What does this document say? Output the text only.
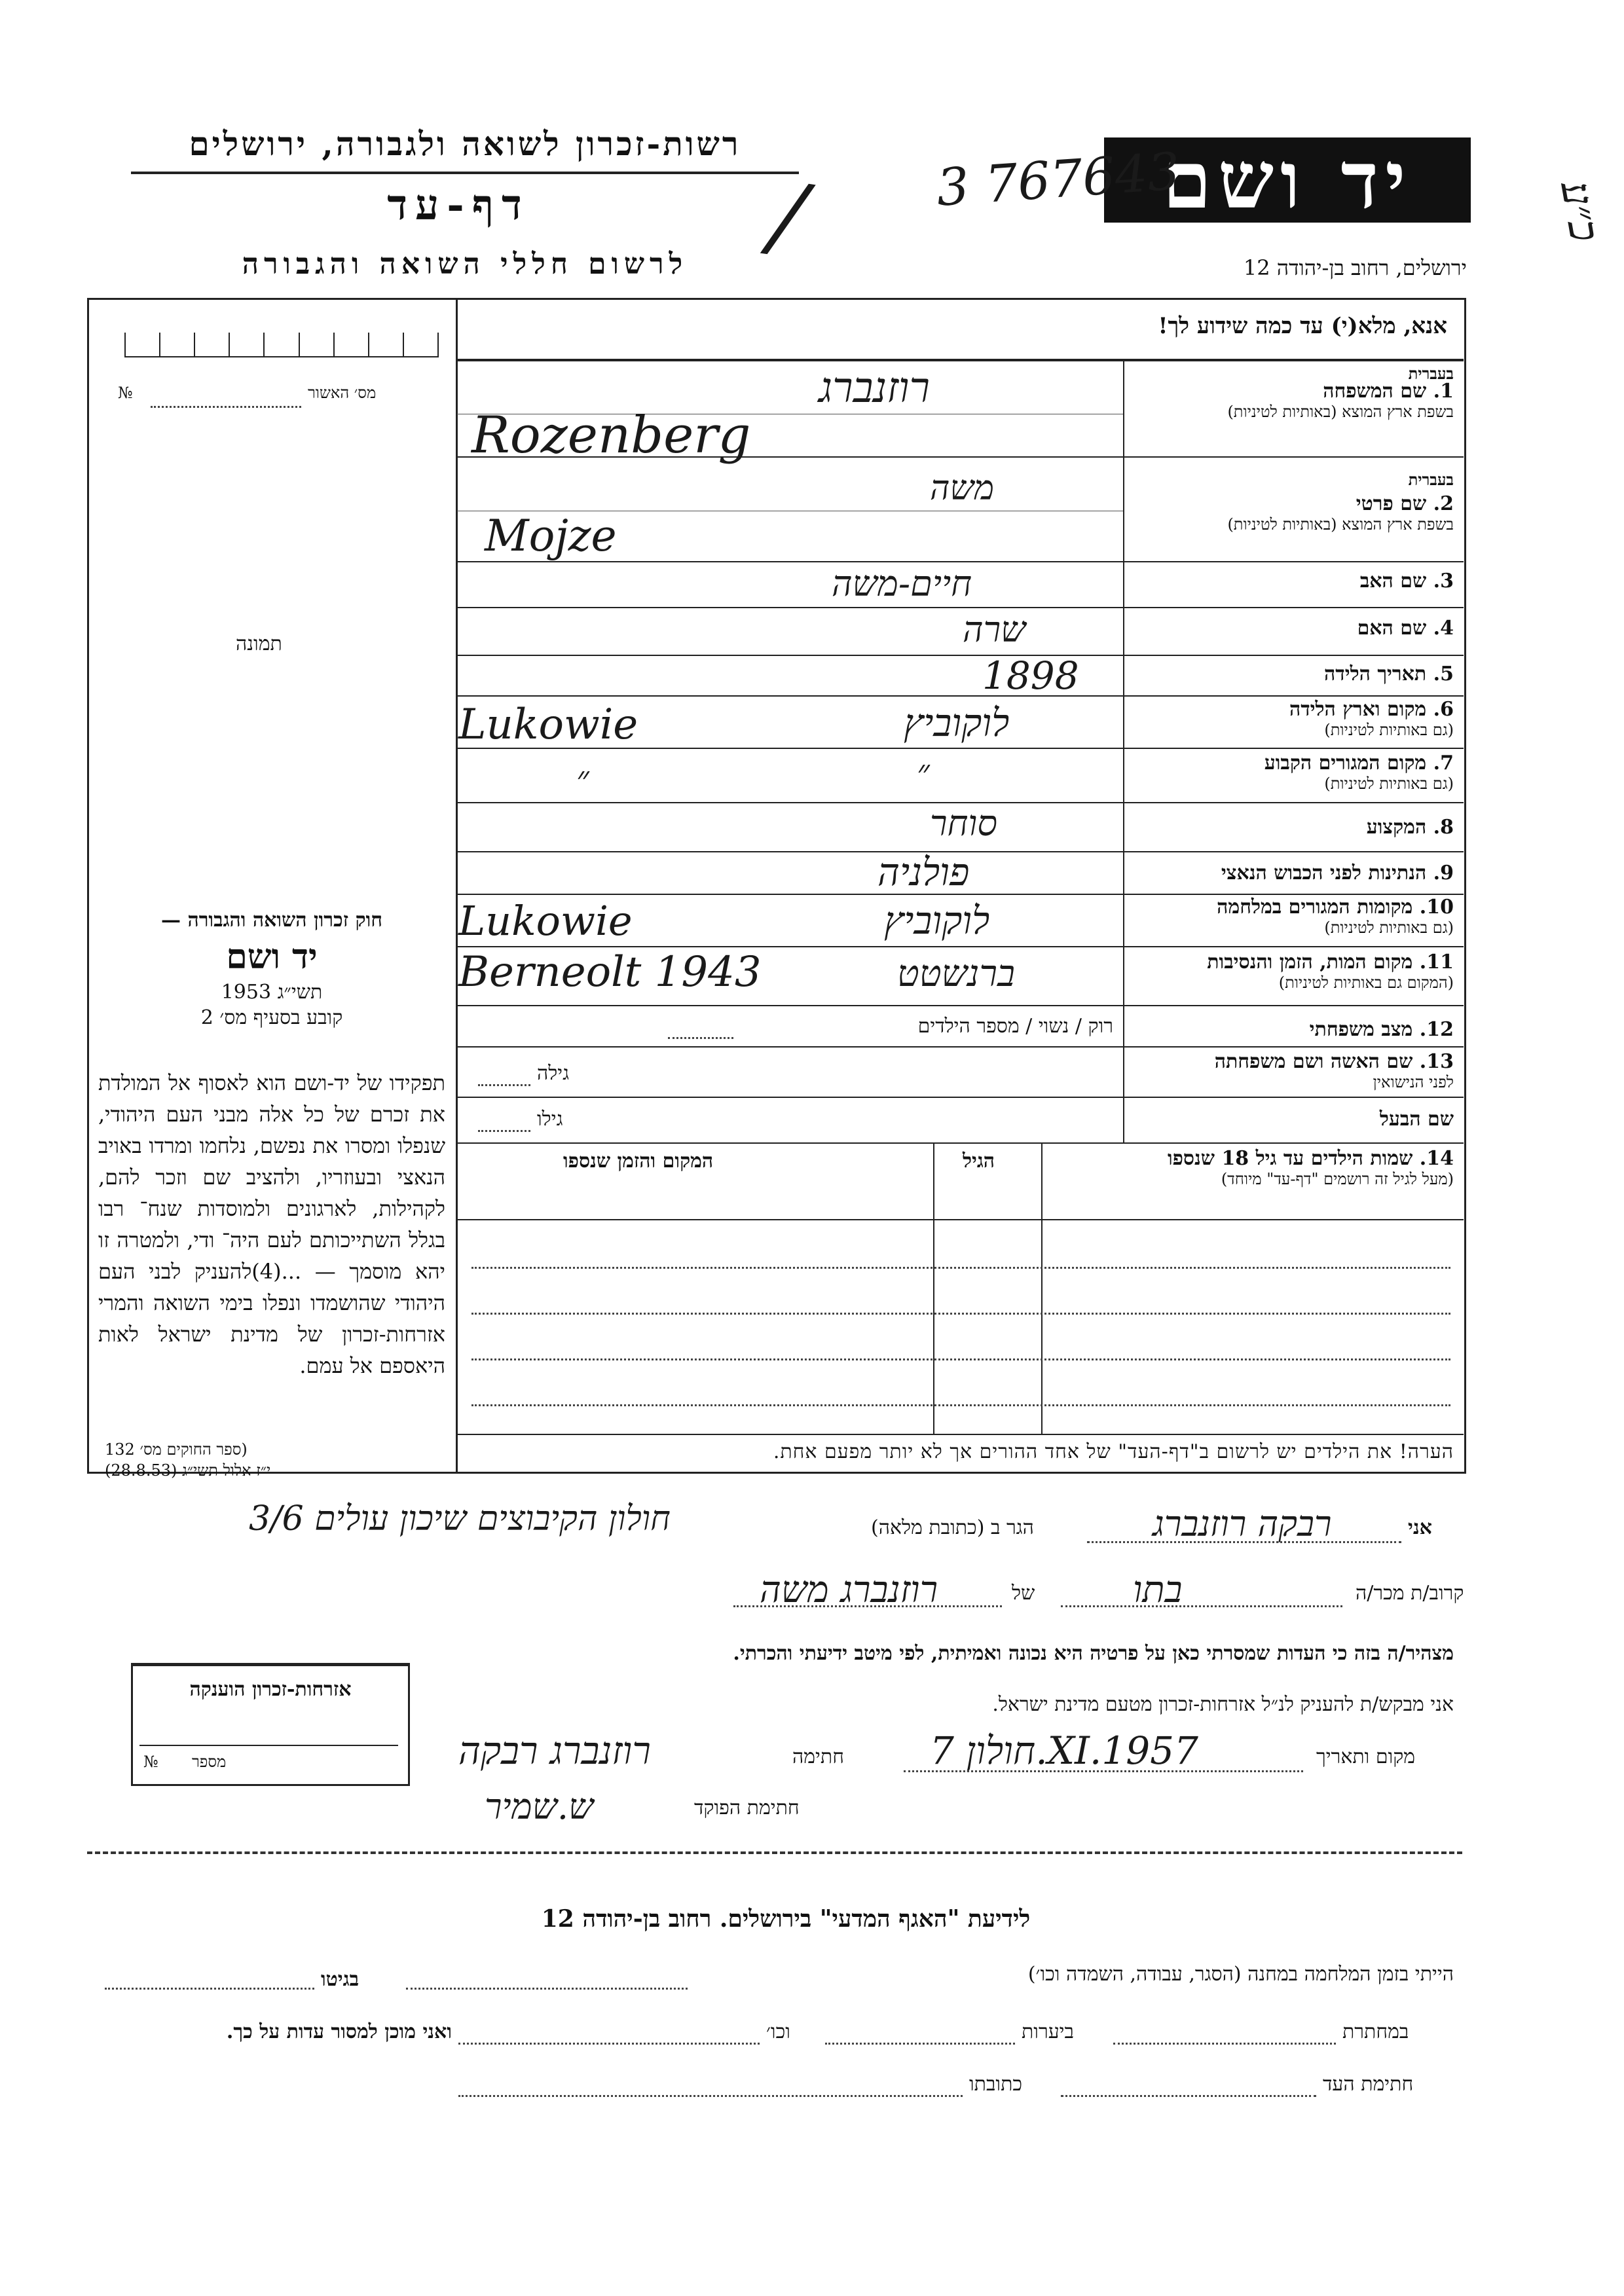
כ״ע
יד ושם
רשות-זכרון לשואה ולגבורה, ירושלים
דף-עד
לרשום חללי השואה והגבורה	ירושלים, רחוב בן-יהודה 12
3 767643
/
אנא, מלא(י) עד כמה שידוע לך!
№	מס׳ האשור
תמונה
1. שם המשפחה
בשפת ארץ המוצא (באותיות לטיניות)
בעברית
רוזנברג
Rozenberg
2. שם פרטי
בשפת ארץ המוצא (באותיות לטיניות)
בעברית
משה
Mojze
3. שם האב
חיים-משה
4. שם האם
שרה
5. תאריך הלידה
1898
6. מקום וארץ הלידה
(גם באותיות לטיניות)
לוקוביץ
Lukowie
7. מקום המגורים הקבוע
(גם באותיות לטיניות)
״
״
8. המקצוע
סוחר
9. הנתינות לפני הכבוש הנאצי
פולניה
10. מקומות המגורים במלחמה
(גם באותיות לטיניות)
לוקוביץ
Lukowie
11. מקום המות, הזמן והנסיבות
(המקום גם באותיות לטיניות)
ברנשטט
Berneolt 1943
12. מצב משפחתי
רוק / נשוי / מספר הילדים
13. שם האשה ושם משפחתה
לפני הנישואין
גילה
שם הבעל
גילו
14. שמות הילדים עד גיל 18 שנספו
(מעל לגיל זה רושמים "דף-עד" מיוחד)
הגיל
המקום והזמן שנספו
הערה! את הילדים יש לרשום ב"דף-העד" של אחד ההורים אך לא יותר מפעם אחת.
חוק זכרון השואה והגבורה —
יד ושם
תשי״ג 1953
קובע בסעיף מס׳ 2
תפקידו של יד-ושם הוא לאסוף אל המולדת את זכרם של כל אלה מבני העם היהודי, שנפלו ומסרו את נפשם, נלחמו ומרדו באויב הנאצי ובעוזריו, ולהציב שם וזכר להם, לקהילות, לארגונים ולמוסדות שנח־ רבו בגלל השתייכותם לעם היה־ ודי, ולמטרה זו יהא מוסמך — ...(4)להעניק לבני העם היהודי שהושמדו ונפלו בימי השואה והמרי אזרחות-זכרון של מדינת ישראל לאות היאספם אל עמם.
(ספר החוקים מס׳ 132
י״ז אלול תשי״ג (28.8.53)
אני
רבקה רוזנברג
הגר ב (כתובת מלאה)
חולון הקיבוצים שיכון עולים 3/6
קרוב/ת מכר/ה
בתו
של
רוזנברג משה
מצהיר/ה בזה כי העדות שמסרתי כאן על פרטיה היא נכונה ואמיתית, לפי מיטב ידיעתי והכרתי.
אני מבקש/ת להעניק לנ״ל אזרחות-זכרון מטעם מדינת ישראל.
מקום ותאריך
חולון 7.XI.1957
חתימה
רוזנברג רבקה
חתימת הפוקד
ש.שמיר
אזרחות-זכרון הוענקה
№ מספר
לידיעת "האגף המדעי" בירושלים. רחוב בן-יהודה 12
הייתי בזמן המלחמה במחנה (הסגר, עבודה, השמדה וכו׳)
בגיטו
במחתרת
ביערות
וכו׳
ואני מוכן למסור עדות על כך.
חתימת העד
כתובתו
